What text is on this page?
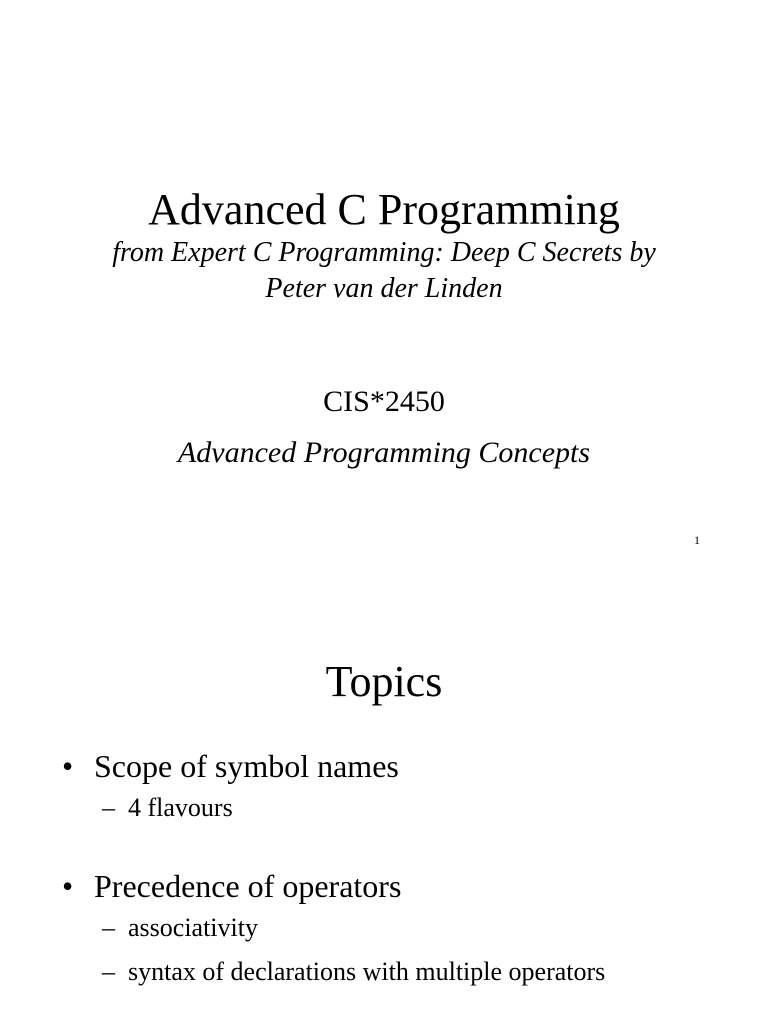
Advanced C Programming
from Expert C Programming: Deep C Secrets by
Peter van der Linden
CIS*2450
Advanced Programming Concepts
1
Topics
• Scope of symbol names
– 4 flavours
• Precedence of operators
– associativity
– syntax of declarations with multiple operators
